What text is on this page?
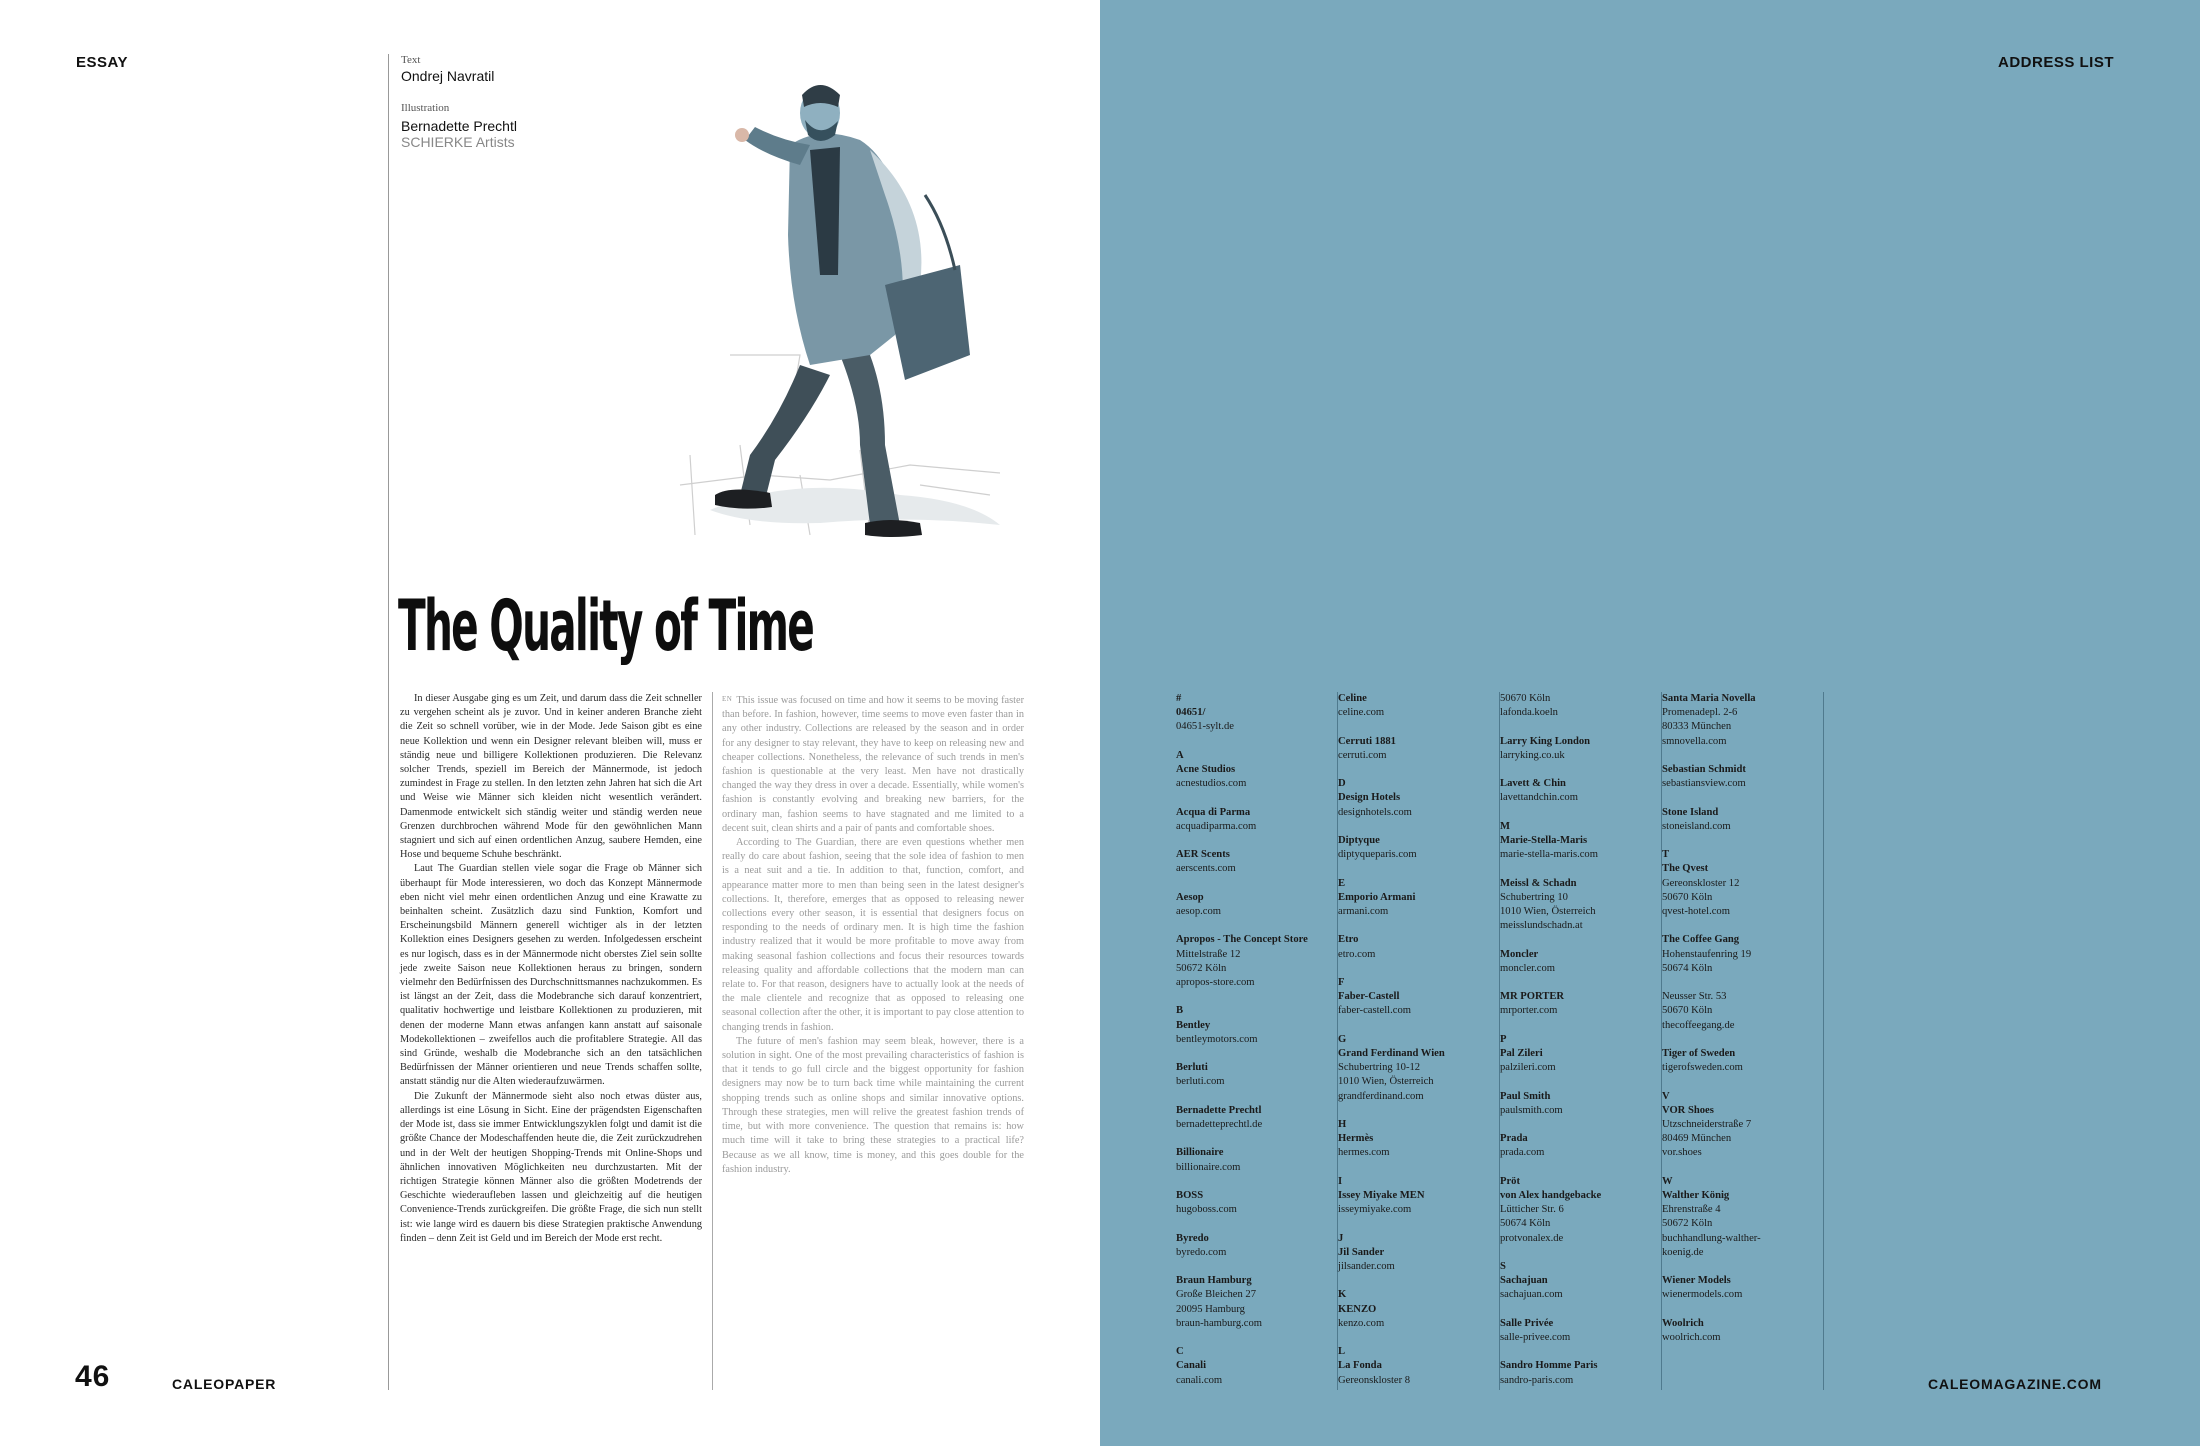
ESSAY	Text
Ondrej Navratil
Illustration
Bernadette Prechtl
SCHIERKE Artists
The Quality of Time

In dieser Ausgabe ging es um Zeit, und darum dass die Zeit schneller zu vergehen scheint als je zuvor. Und in keiner anderen Branche zieht die Zeit so schnell vorüber, wie in der Mode. Jede Saison gibt es eine neue Kollektion und wenn ein Designer relevant bleiben will, muss er ständig neue und billigere Kollektionen produzieren. Die Relevanz solcher Trends, speziell im Bereich der Männermode, ist jedoch zumindest in Frage zu stellen. In den letzten zehn Jahren hat sich die Art und Weise wie Männer sich kleiden nicht wesentlich verändert. Damenmode entwickelt sich ständig weiter und ständig werden neue Grenzen durchbrochen während Mode für den gewöhnlichen Mann stagniert und sich auf einen ordentlichen Anzug, saubere Hemden, eine Hose und bequeme Schuhe beschränkt.

Laut The Guardian stellen viele sogar die Frage ob Männer sich überhaupt für Mode interessieren, wo doch das Konzept Männermode eben nicht viel mehr einen ordentlichen Anzug und eine Krawatte zu beinhalten scheint. Zusätzlich dazu sind Funktion, Komfort und Erscheinungsbild Männern generell wichtiger als in der letzten Kollektion eines Designers gesehen zu werden. Infolgedessen erscheint es nur logisch, dass es in der Männermode nicht oberstes Ziel sein sollte jede zweite Saison neue Kollektionen heraus zu bringen, sondern vielmehr den Bedürfnissen des Durchschnittsmannes nachzukommen. Es ist längst an der Zeit, dass die Modebranche sich darauf konzentriert, qualitativ hochwertige und leistbare Kollektionen zu produzieren, mit denen der moderne Mann etwas anfangen kann anstatt auf saisonale Modekollektionen – zweifellos auch die profitablere Strategie. All das sind Gründe, weshalb die Modebranche sich an den tatsächlichen Bedürfnissen der Männer orientieren und neue Trends schaffen sollte, anstatt ständig nur die Alten wiederaufzuwärmen.

Die Zukunft der Männermode sieht also noch etwas düster aus, allerdings ist eine Lösung in Sicht. Eine der prägendsten Eigenschaften der Mode ist, dass sie immer Entwicklungszyklen folgt und damit ist die größte Chance der Modeschaffenden heute die, die Zeit zurückzudrehen und in der Welt der heutigen Shopping-Trends mit Online-Shops und ähnlichen innovativen Möglichkeiten neu durchzustarten. Mit der richtigen Strategie können Männer also die größten Modetrends der Geschichte wiederaufleben lassen und gleichzeitig auf die heutigen Convenience-Trends zurückgreifen. Die größte Frage, die sich nun stellt ist: wie lange wird es dauern bis diese Strategien praktische Anwendung finden – denn Zeit ist Geld und im Bereich der Mode erst recht.

EN This issue was focused on time and how it seems to be moving faster than before. In fashion, however, time seems to move even faster than in any other industry. Collections are released by the season and in order for any designer to stay relevant, they have to keep on releasing new and cheaper collections. Nonetheless, the relevance of such trends in men's fashion is questionable at the very least. Men have not drastically changed the way they dress in over a decade. Essentially, while women's fashion is constantly evolving and breaking new barriers, for the ordinary man, fashion seems to have stagnated and me limited to a decent suit, clean shirts and a pair of pants and comfortable shoes.

According to The Guardian, there are even questions whether men really do care about fashion, seeing that the sole idea of fashion to men is a neat suit and a tie. In addition to that, function, comfort, and appearance matter more to men than being seen in the latest designer's collections. It, therefore, emerges that as opposed to releasing newer collections every other season, it is essential that designers focus on responding to the needs of ordinary men. It is high time the fashion industry realized that it would be more profitable to move away from making seasonal fashion collections and focus their resources towards releasing quality and affordable collections that the modern man can relate to. For that reason, designers have to actually look at the needs of the male clientele and recognize that as opposed to releasing one seasonal collection after the other, it is important to pay close attention to changing trends in fashion.

The future of men's fashion may seem bleak, however, there is a solution in sight. One of the most prevailing characteristics of fashion is that it tends to go full circle and the biggest opportunity for fashion designers may now be to turn back time while maintaining the current shopping trends such as online shops and similar innovative options. Through these strategies, men will relive the greatest fashion trends of time, but with more convenience. The question that remains is: how much time will it take to bring these strategies to a practical life? Because as we all know, time is money, and this goes double for the fashion industry.

46	CALEOPAPER
ADDRESS LIST
#
04651/
04651-sylt.de
A
Acne Studios
acnestudios.com
Acqua di Parma
acquadiparma.com
AER Scents
aerscents.com
Aesop
aesop.com
Apropos - The Concept Store
Mittelstraße 12
50672 Köln
apropos-store.com
B
Bentley
bentleymotors.com
Berluti
berluti.com
Bernadette Prechtl
bernadetteprechtl.de
Billionaire
billionaire.com
BOSS
hugoboss.com
Byredo
byredo.com
Braun Hamburg
Große Bleichen 27
20095 Hamburg
braun-hamburg.com
C
Canali
canali.com
Celine
celine.com
Cerruti 1881
cerruti.com
D
Design Hotels
designhotels.com
Diptyque
diptyqueparis.com
E
Emporio Armani
armani.com
Etro
etro.com
F
Faber-Castell
faber-castell.com
G
Grand Ferdinand Wien
Schubertring 10-12
1010 Wien, Österreich
grandferdinand.com
H
Hermès
hermes.com
I
Issey Miyake MEN
isseymiyake.com
J
Jil Sander
jilsander.com
K
KENZO
kenzo.com
L
La Fonda
Gereonskloster 8
50670 Köln
lafonda.koeln
Larry King London
larryking.co.uk
Lavett & Chin
lavettandchin.com
M
Marie-Stella-Maris
marie-stella-maris.com
Meissl & Schadn
Schubertring 10
1010 Wien, Österreich
meisslundschadn.at
Moncler
moncler.com
MR PORTER
mrporter.com
P
Pal Zileri
palzileri.com
Paul Smith
paulsmith.com
Prada
prada.com
Pröt
von Alex handgebacke
Lütticher Str. 6
50674 Köln
protvonalex.de
S
Sachajuan
sachajuan.com
Salle Privée
salle-privee.com
Sandro Homme Paris
sandro-paris.com
Santa Maria Novella
Promenadepl. 2-6
80333 München
smnovella.com
Sebastian Schmidt
sebastiansview.com
Stone Island
stoneisland.com
T
The Qvest
Gereonskloster 12
50670 Köln
qvest-hotel.com
The Coffee Gang
Hohenstaufenring 19
50674 Köln
Neusser Str. 53
50670 Köln
thecoffeegang.de
Tiger of Sweden
tigerofsweden.com
V
VOR Shoes
Utzschneiderstraße 7
80469 München
vor.shoes
W
Walther König
Ehrenstraße 4
50672 Köln
buchhandlung-walther-
koenig.de
Wiener Models
wienermodels.com
Woolrich
woolrich.com
CALEOMAGAZINE.COM
